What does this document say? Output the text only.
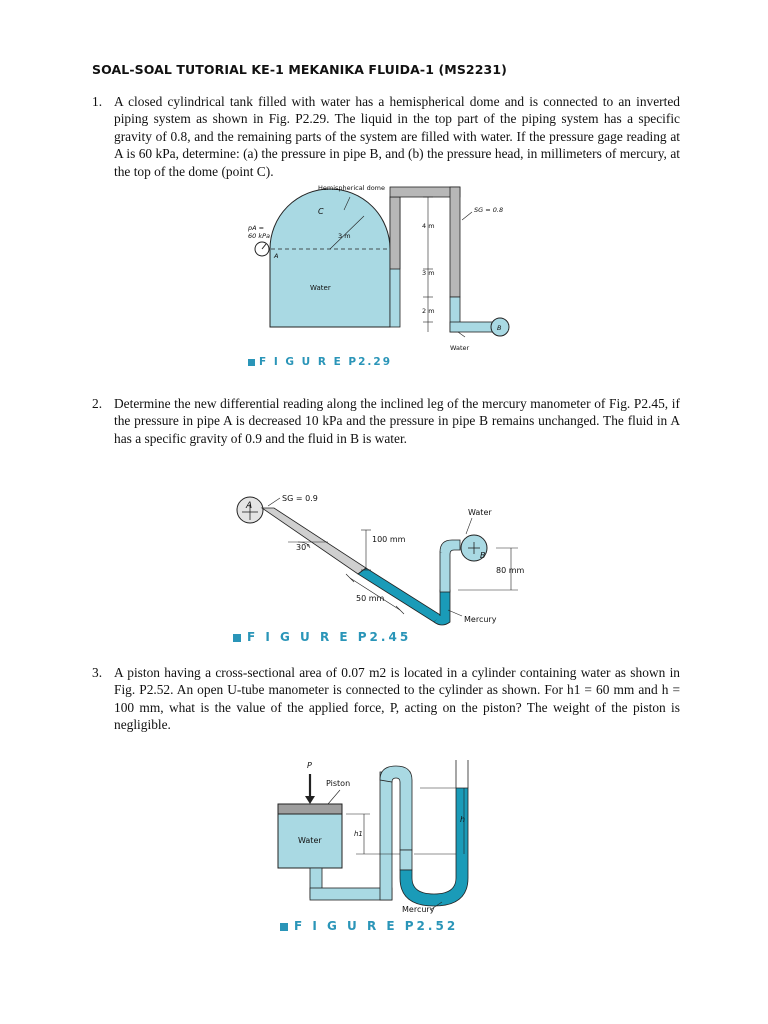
SOAL-SOAL TUTORIAL KE-1 MEKANIKA FLUIDA-1 (MS2231)
1. A closed cylindrical tank filled with water has a hemispherical dome and is connected to an inverted piping system as shown in Fig. P2.29. The liquid in the top part of the piping system has a specific gravity of 0.8, and the remaining parts of the system are filled with water. If the pressure gage reading at A is 60 kPa, determine: (a) the pressure in pipe B, and (b) the pressure head, in millimeters of mercury, at the top of the dome (point C).
Hemispherical dome
C
pA =
60 kPa
A
3 m
Water
SG = 0.8
4 m
3 m
2 m
B
Water
F I G U R E P2.29
2. Determine the new differential reading along the inclined leg of the mercury manometer of Fig. P2.45, if the pressure in pipe A is decreased 10 kPa and the pressure in pipe B remains unchanged. The fluid in A has a specific gravity of 0.9 and the fluid in B is water.
A
SG = 0.9
30°
100 mm
50 mm
Water
B
80 mm
Mercury
F I G U R E P2.45
3. A piston having a cross-sectional area of 0.07 m2 is located in a cylinder containing water as shown in Fig. P2.52. An open U-tube manometer is connected to the cylinder as shown. For h1 = 60 mm and h = 100 mm, what is the value of the applied force, P, acting on the piston? The weight of the piston is negligible.
P
Piston
Water
h1
h
Mercury
F I G U R E P2.52
